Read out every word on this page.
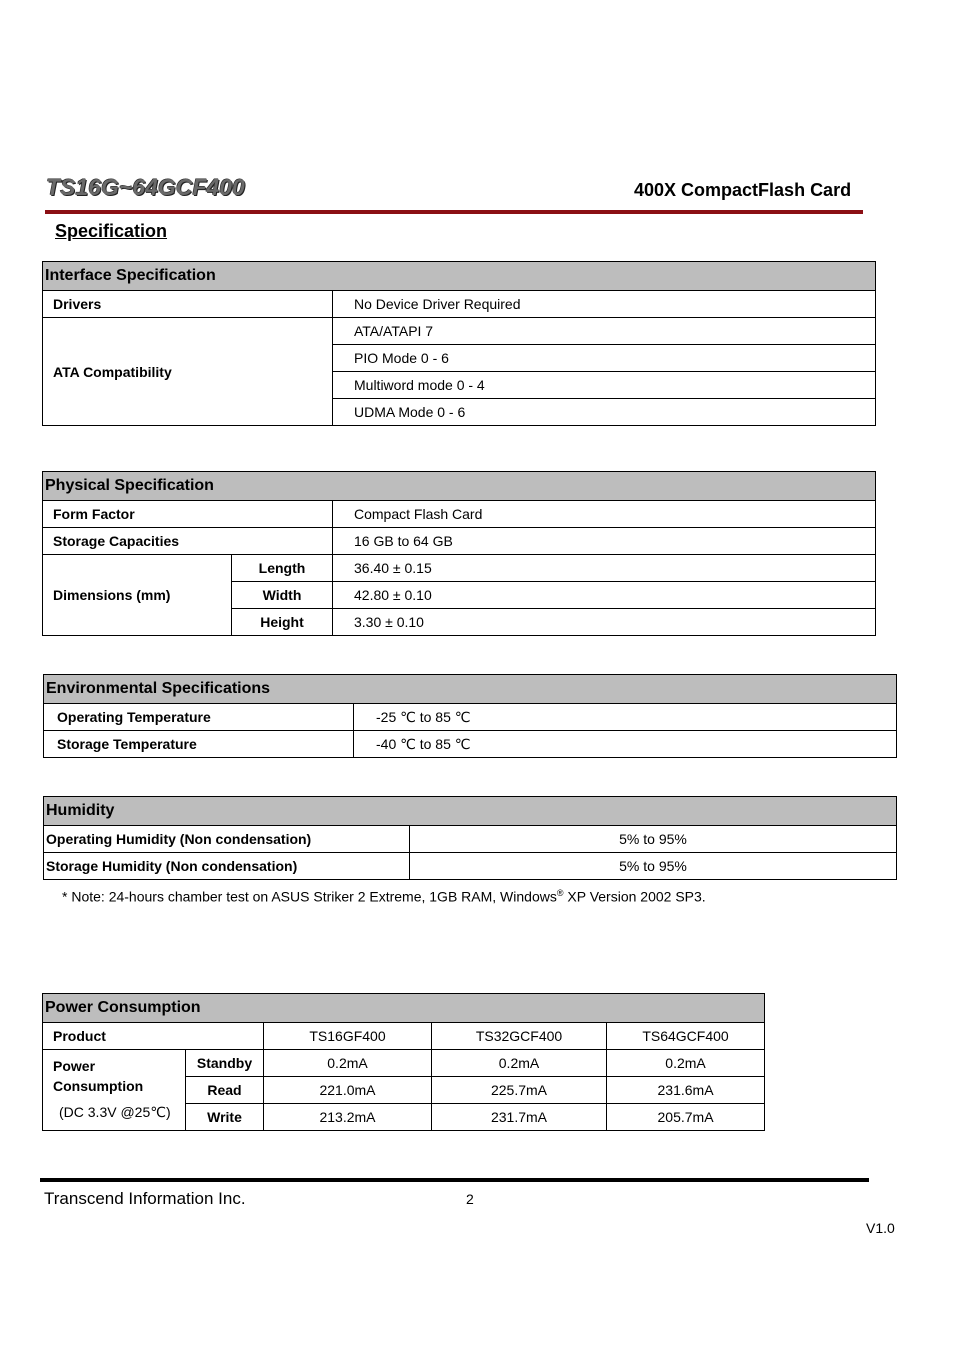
TS16G~64GCF400	400X CompactFlash Card
Specification
Interface Specification	
Drivers	No Device Driver Required
ATA Compatibility	ATA/ATAPI 7
	PIO Mode 0 - 6
	Multiword mode 0 - 4
	UDMA Mode 0 - 6
Physical Specification		
Form Factor		Compact Flash Card
Storage Capacities		16 GB to 64 GB
Dimensions (mm)	Length	36.40 ± 0.15
	Width	42.80 ± 0.10
	Height	3.30 ± 0.10
Environmental Specifications	
Operating Temperature	-25 ℃ to 85 ℃
Storage Temperature	-40 ℃ to 85 ℃
Humidity	
Operating Humidity (Non condensation)	5% to 95%
Storage Humidity (Non condensation)	5% to 95%
* Note: 24-hours chamber test on ASUS Striker 2 Extreme, 1GB RAM, Windows® XP Version 2002 SP3.
Power Consumption				
Product		TS16GF400	TS32GCF400	TS64GCF400

Power
Consumption
(DC 3.3V @25℃)	Standby	0.2mA	0.2mA	0.2mA
	Read	221.0mA	225.7mA	231.6mA
	Write	213.2mA	231.7mA	205.7mA
Transcend Information Inc.	2
V1.0
